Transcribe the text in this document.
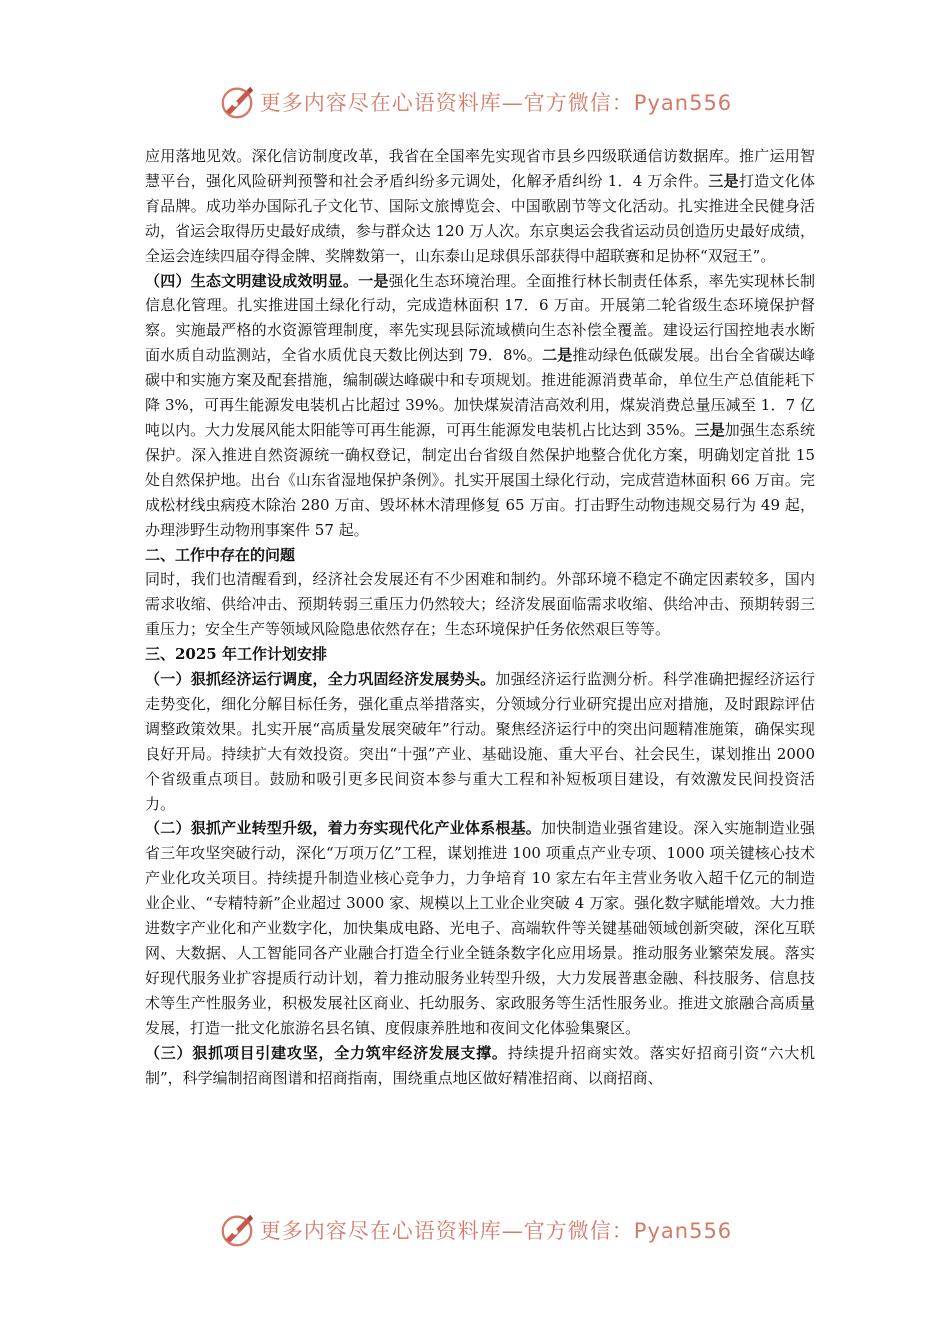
更多内容尽在心语资料库—官方微信：Pyan556

应用落地见效。深化信访制度改革，我省在全国率先实现省市县乡四级联通信访数据库。推广运用智慧平台，强化风险研判预警和社会矛盾纠纷多元调处，化解矛盾纠纷 1．4 万余件。三是打造文化体育品牌。成功举办国际孔子文化节、国际文旅博览会、中国歌剧节等文化活动。扎实推进全民健身活动，省运会取得历史最好成绩，参与群众达 120 万人次。东京奥运会我省运动员创造历史最好成绩，全运会连续四届夺得金牌、奖牌数第一，山东泰山足球俱乐部获得中超联赛和足协杯“双冠王”。

（四）生态文明建设成效明显。一是强化生态环境治理。全面推行林长制责任体系，率先实现林长制信息化管理。扎实推进国土绿化行动，完成造林面积 17．6 万亩。开展第二轮省级生态环境保护督察。实施最严格的水资源管理制度，率先实现县际流域横向生态补偿全覆盖。建设运行国控地表水断面水质自动监测站，全省水质优良天数比例达到 79．8%。二是推动绿色低碳发展。出台全省碳达峰碳中和实施方案及配套措施，编制碳达峰碳中和专项规划。推进能源消费革命，单位生产总值能耗下降 3%，可再生能源发电装机占比超过 39%。加快煤炭清洁高效利用，煤炭消费总量压减至 1．7 亿吨以内。大力发展风能太阳能等可再生能源，可再生能源发电装机占比达到 35%。三是加强生态系统保护。深入推进自然资源统一确权登记，制定出台省级自然保护地整合优化方案，明确划定首批 15 处自然保护地。出台《山东省湿地保护条例》。扎实开展国土绿化行动，完成营造林面积 66 万亩。完成松材线虫病疫木除治 280 万亩、毁坏林木清理修复 65 万亩。打击野生动物违规交易行为 49 起，办理涉野生动物刑事案件 57 起。

二、工作中存在的问题

同时，我们也清醒看到，经济社会发展还有不少困难和制约。外部环境不稳定不确定因素较多，国内需求收缩、供给冲击、预期转弱三重压力仍然较大；经济发展面临需求收缩、供给冲击、预期转弱三重压力；安全生产等领域风险隐患依然存在；生态环境保护任务依然艰巨等等。

三、2025 年工作计划安排

（一）狠抓经济运行调度，全力巩固经济发展势头。加强经济运行监测分析。科学准确把握经济运行走势变化，细化分解目标任务，强化重点举措落实，分领域分行业研究提出应对措施，及时跟踪评估调整政策效果。扎实开展“高质量发展突破年”行动。聚焦经济运行中的突出问题精准施策，确保实现良好开局。持续扩大有效投资。突出“十强”产业、基础设施、重大平台、社会民生，谋划推出 2000 个省级重点项目。鼓励和吸引更多民间资本参与重大工程和补短板项目建设，有效激发民间投资活力。

（二）狠抓产业转型升级，着力夯实现代化产业体系根基。加快制造业强省建设。深入实施制造业强省三年攻坚突破行动，深化“万项万亿”工程，谋划推进 100 项重点产业专项、1000 项关键核心技术产业化攻关项目。持续提升制造业核心竞争力，力争培育 10 家左右年主营业务收入超千亿元的制造业企业、“专精特新”企业超过 3000 家、规模以上工业企业突破 4 万家。强化数字赋能增效。大力推进数字产业化和产业数字化，加快集成电路、光电子、高端软件等关键基础领域创新突破，深化互联网、大数据、人工智能同各产业融合打造全行业全链条数字化应用场景。推动服务业繁荣发展。落实好现代服务业扩容提质行动计划，着力推动服务业转型升级，大力发展普惠金融、科技服务、信息技术等生产性服务业，积极发展社区商业、托幼服务、家政服务等生活性服务业。推进文旅融合高质量发展，打造一批文化旅游名县名镇、度假康养胜地和夜间文化体验集聚区。

（三）狠抓项目引建攻坚，全力筑牢经济发展支撑。持续提升招商实效。落实好招商引资“六大机制”，科学编制招商图谱和招商指南，围绕重点地区做好精准招商、以商招商、

更多内容尽在心语资料库—官方微信：Pyan556
